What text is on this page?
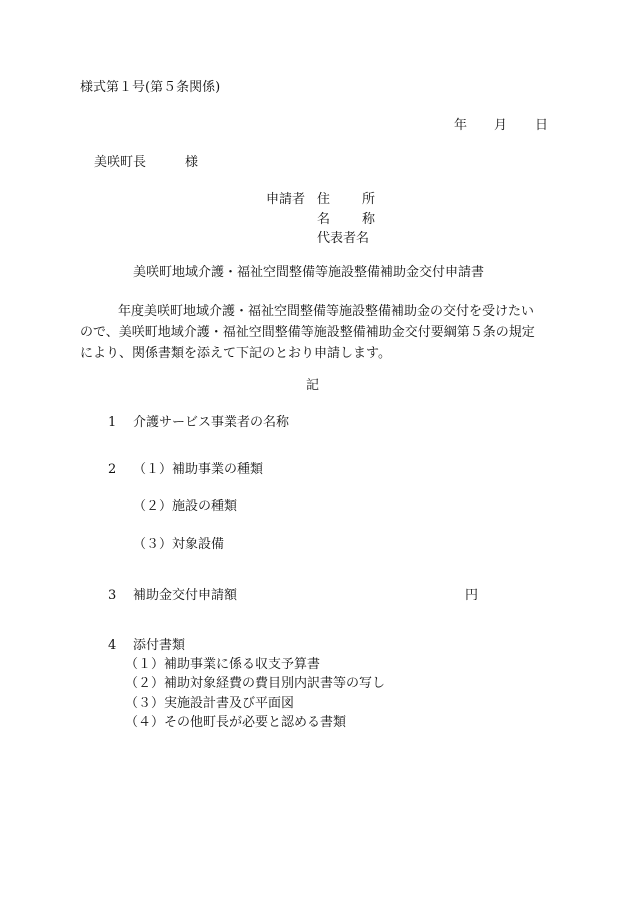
様式第１号(第５条関係)
年 月 日
美咲町長	様
申請者 住 所
名 称
代表者名
美咲町地域介護・福祉空間整備等施設整備補助金交付申請書
年度美咲町地域介護・福祉空間整備等施設整備補助金の交付を受けたい
ので、美咲町地域介護・福祉空間整備等施設整備補助金交付要綱第５条の規定
により、関係書類を添えて下記のとおり申請します。
記
1	介護サービス事業者の名称
2	（１）補助事業の種類
（２）施設の種類
（３）対象設備
3	補助金交付申請額	円
4	添付書類
（１）補助事業に係る収支予算書
（２）補助対象経費の費目別内訳書等の写し
（３）実施設計書及び平面図
（４）その他町長が必要と認める書類
